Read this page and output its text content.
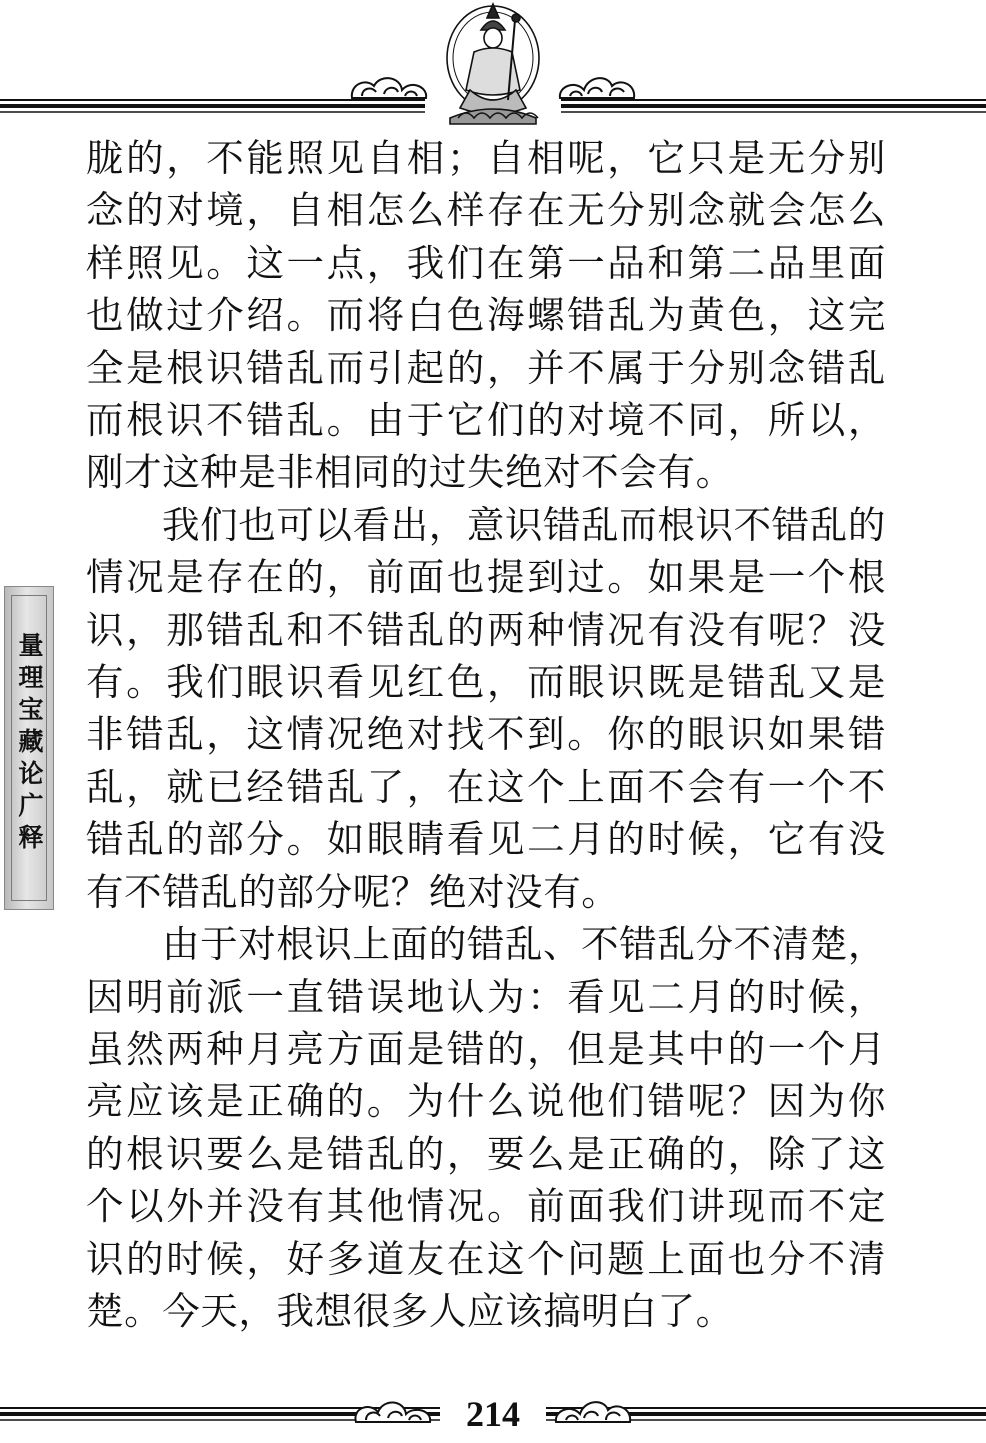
量理宝藏论广释

胧的，不能照见自相；自相呢，它只是无分别念的对境，自相怎么样存在无分别念就会怎么样照见。这一点，我们在第一品和第二品里面也做过介绍。而将白色海螺错乱为黄色，这完全是根识错乱而引起的，并不属于分别念错乱而根识不错乱。由于它们的对境不同，所以，刚才这种是非相同的过失绝对不会有。

我们也可以看出，意识错乱而根识不错乱的情况是存在的，前面也提到过。如果是一个根识，那错乱和不错乱的两种情况有没有呢？没有。我们眼识看见红色，而眼识既是错乱又是非错乱，这情况绝对找不到。你的眼识如果错乱，就已经错乱了，在这个上面不会有一个不错乱的部分。如眼睛看见二月的时候，它有没有不错乱的部分呢？绝对没有。

由于对根识上面的错乱、不错乱分不清楚，因明前派一直错误地认为：看见二月的时候，虽然两种月亮方面是错的，但是其中的一个月亮应该是正确的。为什么说他们错呢？因为你的根识要么是错乱的，要么是正确的，除了这个以外并没有其他情况。前面我们讲现而不定识的时候，好多道友在这个问题上面也分不清楚。今天，我想很多人应该搞明白了。

214
